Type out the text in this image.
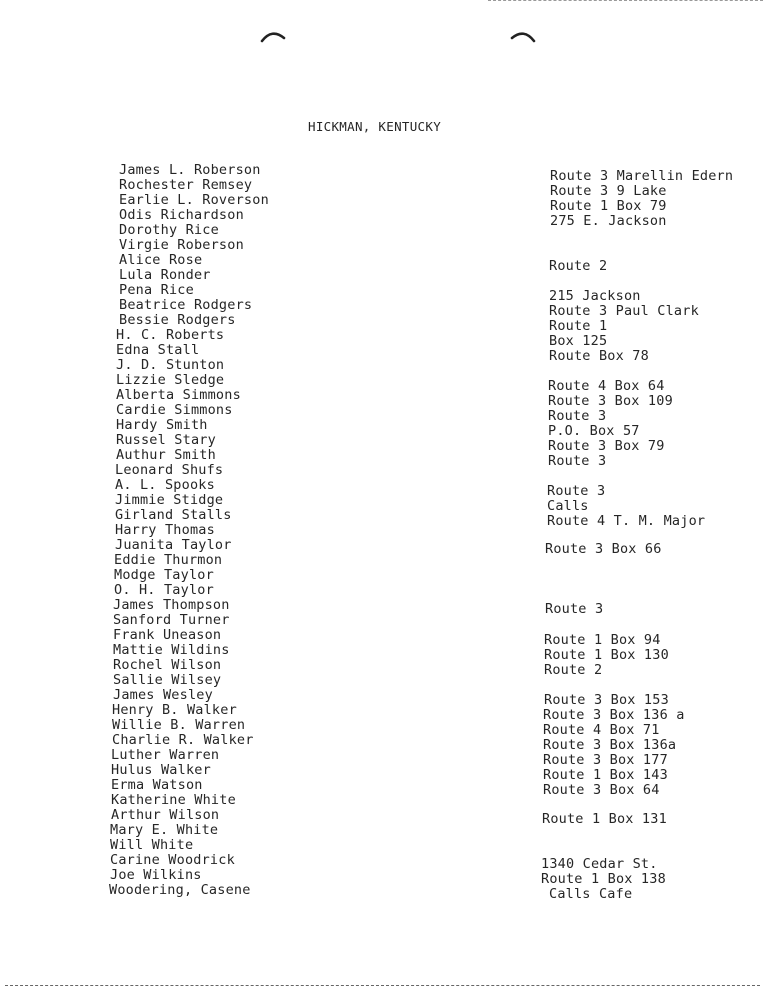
HICKMAN, KENTUCKY
James L. Roberson
Rochester Remsey
Earlie L. Roverson
Odis Richardson
Dorothy Rice
Virgie Roberson
Alice Rose
Lula Ronder
Pena Rice
Beatrice Rodgers
Bessie Rodgers
H. C. Roberts
Edna Stall
J. D. Stunton
Lizzie Sledge
Alberta Simmons
Cardie Simmons
Hardy Smith
Russel Stary
Authur Smith
Leonard Shufs
A. L. Spooks
Jimmie Stidge
Girland Stalls
Harry Thomas
Juanita Taylor
Eddie Thurmon
Modge Taylor
O. H. Taylor
James Thompson
Sanford Turner
Frank Uneason
Mattie Wildins
Rochel Wilson
Sallie Wilsey
James Wesley
Henry B. Walker
Willie B. Warren
Charlie R. Walker
Luther Warren
Hulus Walker
Erma Watson
Katherine White
Arthur Wilson
Mary E. White
Will White
Carine Woodrick
Joe Wilkins
Woodering, Casene
Route 3 Marellin Edern
Route 3 9 Lake
Route 1 Box 79
275 E. Jackson
Route 2
215 Jackson
Route 3 Paul Clark
Route 1
Box 125
Route Box 78
Route 4 Box 64
Route 3 Box 109
Route 3
P.O. Box 57
Route 3 Box 79
Route 3
Route 3
Calls
Route 4 T. M. Major
Route 3 Box 66
Route 3
Route 1 Box 94
Route 1 Box 130
Route 2
Route 3 Box 153
Route 3 Box 136 a
Route 4 Box 71
Route 3 Box 136a
Route 3 Box 177
Route 1 Box 143
Route 3 Box 64
Route 1 Box 131
1340 Cedar St.
Route 1 Box 138
Calls Cafe
